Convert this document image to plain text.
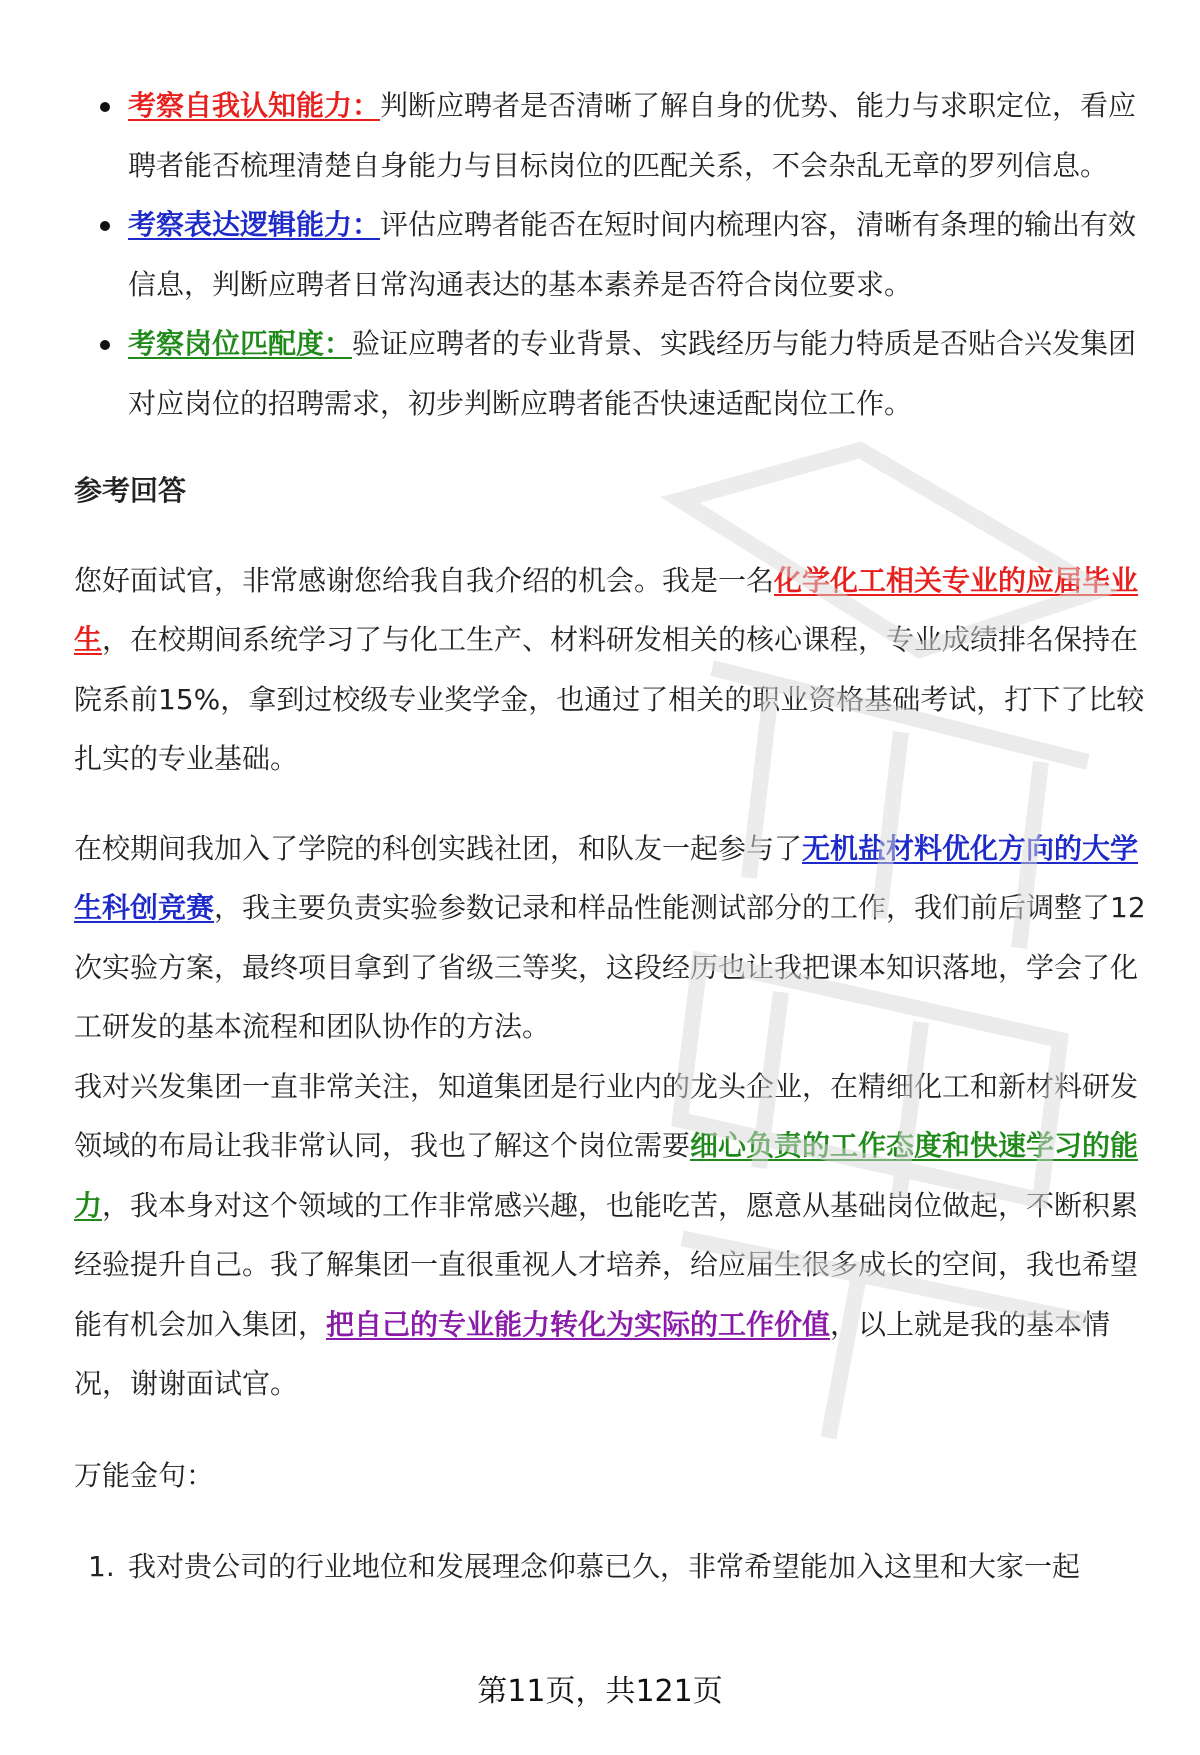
考察自我认知能力：判断应聘者是否清晰了解自身的优势、能力与求职定位，看应聘者能否梳理清楚自身能力与目标岗位的匹配关系，不会杂乱无章的罗列信息。
考察表达逻辑能力：评估应聘者能否在短时间内梳理内容，清晰有条理的输出有效信息，判断应聘者日常沟通表达的基本素养是否符合岗位要求。
考察岗位匹配度：验证应聘者的专业背景、实践经历与能力特质是否贴合兴发集团对应岗位的招聘需求，初步判断应聘者能否快速适配岗位工作。
参考回答

您好面试官，非常感谢您给我自我介绍的机会。我是一名化学化工相关专业的应届毕业生，在校期间系统学习了与化工生产、材料研发相关的核心课程，专业成绩排名保持在院系前15%，拿到过校级专业奖学金，也通过了相关的职业资格基础考试，打下了比较扎实的专业基础。

在校期间我加入了学院的科创实践社团，和队友一起参与了无机盐材料优化方向的大学生科创竞赛，我主要负责实验参数记录和样品性能测试部分的工作，我们前后调整了12次实验方案，最终项目拿到了省级三等奖，这段经历也让我把课本知识落地，学会了化工研发的基本流程和团队协作的方法。

我对兴发集团一直非常关注，知道集团是行业内的龙头企业，在精细化工和新材料研发领域的布局让我非常认同，我也了解这个岗位需要细心负责的工作态度和快速学习的能力，我本身对这个领域的工作非常感兴趣，也能吃苦，愿意从基础岗位做起，不断积累经验提升自己。我了解集团一直很重视人才培养，给应届生很多成长的空间，我也希望能有机会加入集团，把自己的专业能力转化为实际的工作价值，以上就是我的基本情况，谢谢面试官。

万能金句：

1. 我对贵公司的行业地位和发展理念仰慕已久，非常希望能加入这里和大家一起
第11页，共121页
